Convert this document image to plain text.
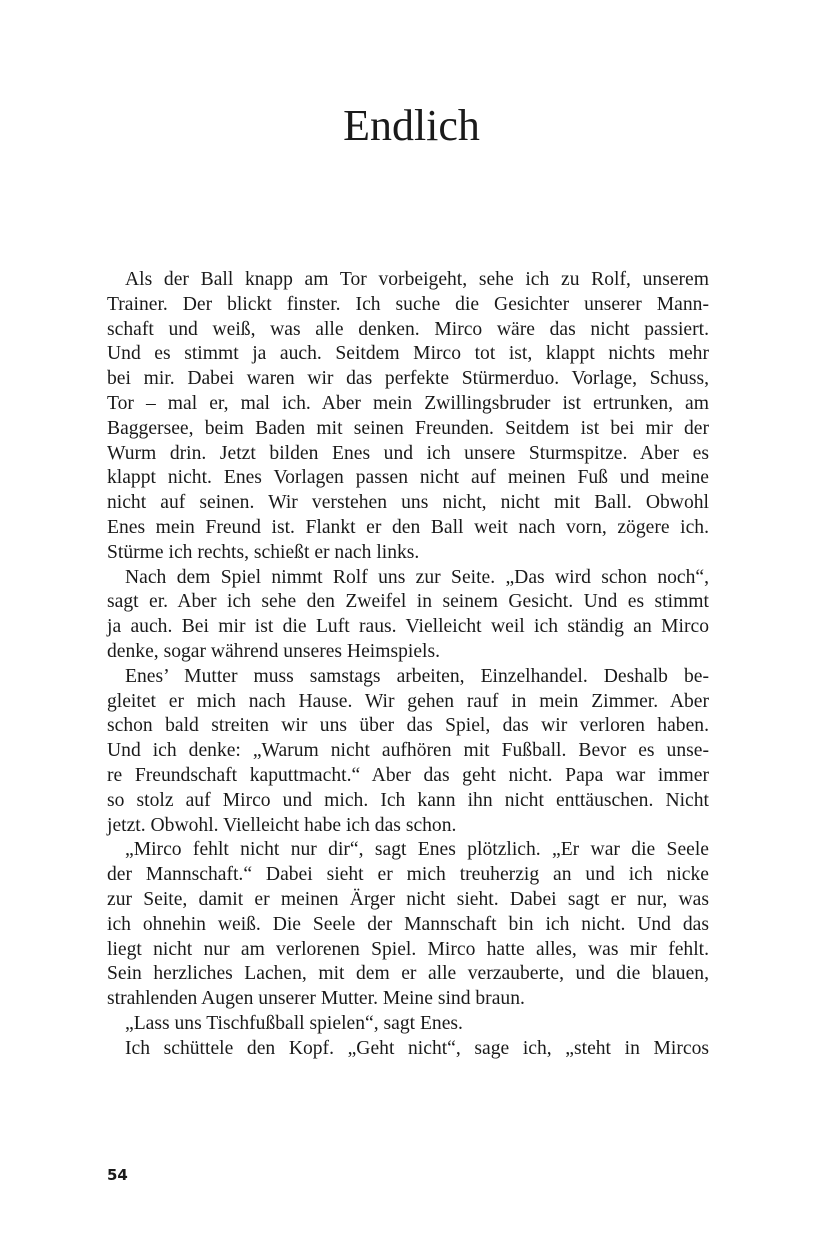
Endlich
Als der Ball knapp am Tor vorbeigeht, sehe ich zu Rolf, unserem
Trainer. Der blickt finster. Ich suche die Gesichter unserer Mann-
schaft und weiß, was alle denken. Mirco wäre das nicht passiert.
Und es stimmt ja auch. Seitdem Mirco tot ist, klappt nichts mehr
bei mir. Dabei waren wir das perfekte Stürmerduo. Vorlage, Schuss,
Tor – mal er, mal ich. Aber mein Zwillingsbruder ist ertrunken, am
Baggersee, beim Baden mit seinen Freunden. Seitdem ist bei mir der
Wurm drin. Jetzt bilden Enes und ich unsere Sturmspitze. Aber es
klappt nicht. Enes Vorlagen passen nicht auf meinen Fuß und meine
nicht auf seinen. Wir verstehen uns nicht, nicht mit Ball. Obwohl
Enes mein Freund ist. Flankt er den Ball weit nach vorn, zögere ich.
Stürme ich rechts, schießt er nach links.
Nach dem Spiel nimmt Rolf uns zur Seite. „Das wird schon noch“,
sagt er. Aber ich sehe den Zweifel in seinem Gesicht. Und es stimmt
ja auch. Bei mir ist die Luft raus. Vielleicht weil ich ständig an Mirco
denke, sogar während unseres Heimspiels.
Enes’ Mutter muss samstags arbeiten, Einzelhandel. Deshalb be-
gleitet er mich nach Hause. Wir gehen rauf in mein Zimmer. Aber
schon bald streiten wir uns über das Spiel, das wir verloren haben.
Und ich denke: „Warum nicht aufhören mit Fußball. Bevor es unse-
re Freundschaft kaputtmacht.“ Aber das geht nicht. Papa war immer
so stolz auf Mirco und mich. Ich kann ihn nicht enttäuschen. Nicht
jetzt. Obwohl. Vielleicht habe ich das schon.
„Mirco fehlt nicht nur dir“, sagt Enes plötzlich. „Er war die Seele
der Mannschaft.“ Dabei sieht er mich treuherzig an und ich nicke
zur Seite, damit er meinen Ärger nicht sieht. Dabei sagt er nur, was
ich ohnehin weiß. Die Seele der Mannschaft bin ich nicht. Und das
liegt nicht nur am verlorenen Spiel. Mirco hatte alles, was mir fehlt.
Sein herzliches Lachen, mit dem er alle verzauberte, und die blauen,
strahlenden Augen unserer Mutter. Meine sind braun.
„Lass uns Tischfußball spielen“, sagt Enes.
Ich schüttele den Kopf. „Geht nicht“, sage ich, „steht in Mircos
54
